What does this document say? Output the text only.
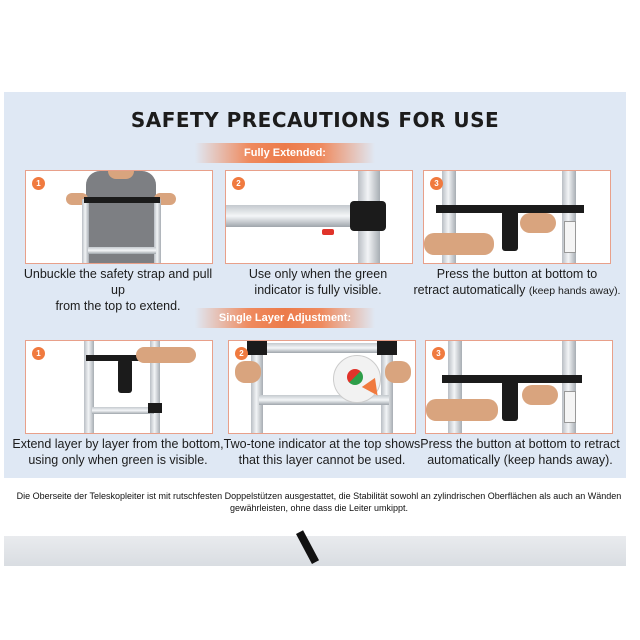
SAFETY PRECAUTIONS FOR USE
Fully Extended:
1	2	3
Unbuckle the safety strap and pull up
from the top to extend.
Use only when the green
indicator is fully visible.
Press the button at bottom to
retract automatically (keep hands away).
Single Layer Adjustment:
1	2	3
Extend layer by layer from the bottom,
using only when green is visible.
Two-tone indicator at the top shows
that this layer cannot be used.
Press the button at bottom to retract
automatically (keep hands away).
Die Oberseite der Teleskopleiter ist mit rutschfesten Doppelstützen ausgestattet, die Stabilität sowohl an zylindrischen Oberflächen als auch an Wänden gewährleisten, ohne dass die Leiter umkippt.
